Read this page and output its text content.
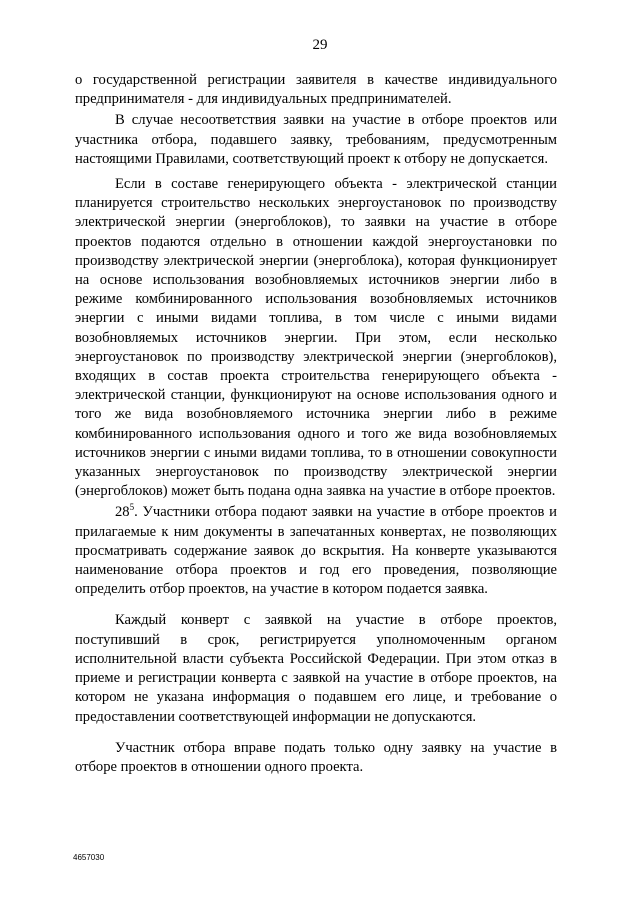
29

о государственной регистрации заявителя в качестве индивидуального предпринимателя - для индивидуальных предпринимателей.

В случае несоответствия заявки на участие в отборе проектов или участника отбора, подавшего заявку, требованиям, предусмотренным настоящими Правилами, соответствующий проект к отбору не допускается.

Если в составе генерирующего объекта - электрической станции планируется строительство нескольких энергоустановок по производству электрической энергии (энергоблоков), то заявки на участие в отборе проектов подаются отдельно в отношении каждой энергоустановки по производству электрической энергии (энергоблока), которая функционирует на основе использования возобновляемых источников энергии либо в режиме комбинированного использования возобновляемых источников энергии с иными видами топлива, в том числе с иными видами возобновляемых источников энергии. При этом, если несколько энергоустановок по производству электрической энергии (энергоблоков), входящих в состав проекта строительства генерирующего объекта - электрической станции, функционируют на основе использования одного и того же вида возобновляемого источника энергии либо в режиме комбинированного использования одного и того же вида возобновляемых источников энергии с иными видами топлива, то в отношении совокупности указанных энергоустановок по производству электрической энергии (энергоблоков) может быть подана одна заявка на участие в отборе проектов.

$28^5$. Участники отбора подают заявки на участие в отборе проектов и прилагаемые к ним документы в запечатанных конвертах, не позволяющих просматривать содержание заявок до вскрытия. На конверте указываются наименование отбора проектов и год его проведения, позволяющие определить отбор проектов, на участие в котором подается заявка.

Каждый конверт с заявкой на участие в отборе проектов, поступивший в срок, регистрируется уполномоченным органом исполнительной власти субъекта Российской Федерации. При этом отказ в приеме и регистрации конверта с заявкой на участие в отборе проектов, на котором не указана информация о подавшем его лице, и требование о предоставлении соответствующей информации не допускаются.

Участник отбора вправе подать только одну заявку на участие в отборе проектов в отношении одного проекта.

4657030
